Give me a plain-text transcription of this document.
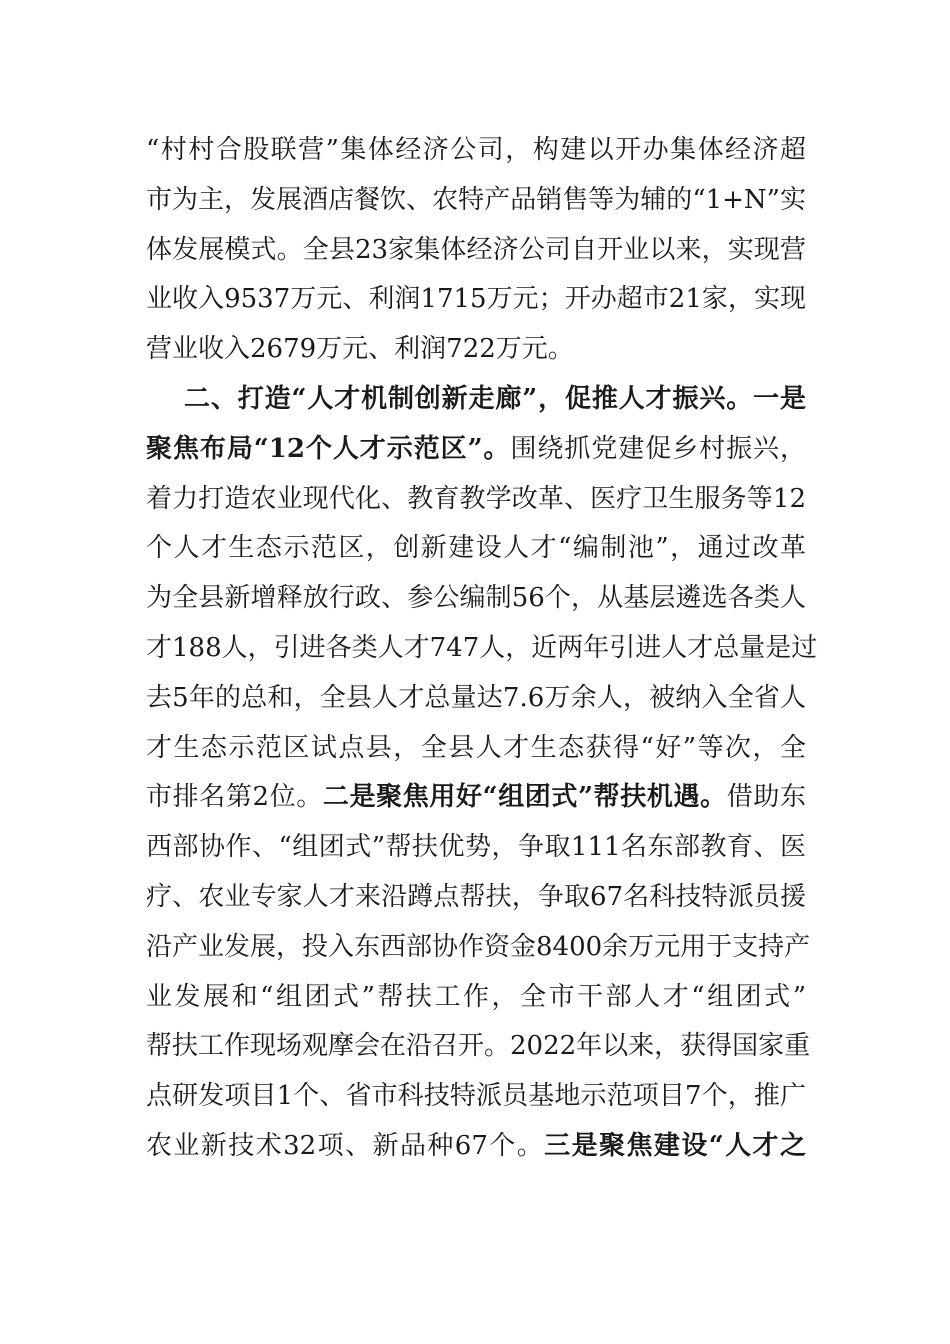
“村村合股联营”集体经济公司，构建以开办集体经济超
市为主，发展酒店餐饮、农特产品销售等为辅的“1+N”实
体发展模式。全县23家集体经济公司自开业以来，实现营
业收入9537万元、利润1715万元；开办超市21家，实现
营业收入2679万元、利润722万元。
二、打造“人才机制创新走廊”，促推人才振兴。一是
聚焦布局“12个人才示范区”。围绕抓党建促乡村振兴，
着力打造农业现代化、教育教学改革、医疗卫生服务等12
个人才生态示范区，创新建设人才“编制池”，通过改革
为全县新增释放行政、参公编制56个，从基层遴选各类人
才188人，引进各类人才747人，近两年引进人才总量是过
去5年的总和，全县人才总量达7.6万余人，被纳入全省人
才生态示范区试点县，全县人才生态获得“好”等次，全
市排名第2位。二是聚焦用好“组团式”帮扶机遇。借助东
西部协作、“组团式”帮扶优势，争取111名东部教育、医
疗、农业专家人才来沿蹲点帮扶，争取67名科技特派员援
沿产业发展，投入东西部协作资金8400余万元用于支持产
业发展和“组团式”帮扶工作，全市干部人才“组团式”
帮扶工作现场观摩会在沿召开。2022年以来，获得国家重
点研发项目1个、省市科技特派员基地示范项目7个，推广
农业新技术32项、新品种67个。三是聚焦建设“人才之
